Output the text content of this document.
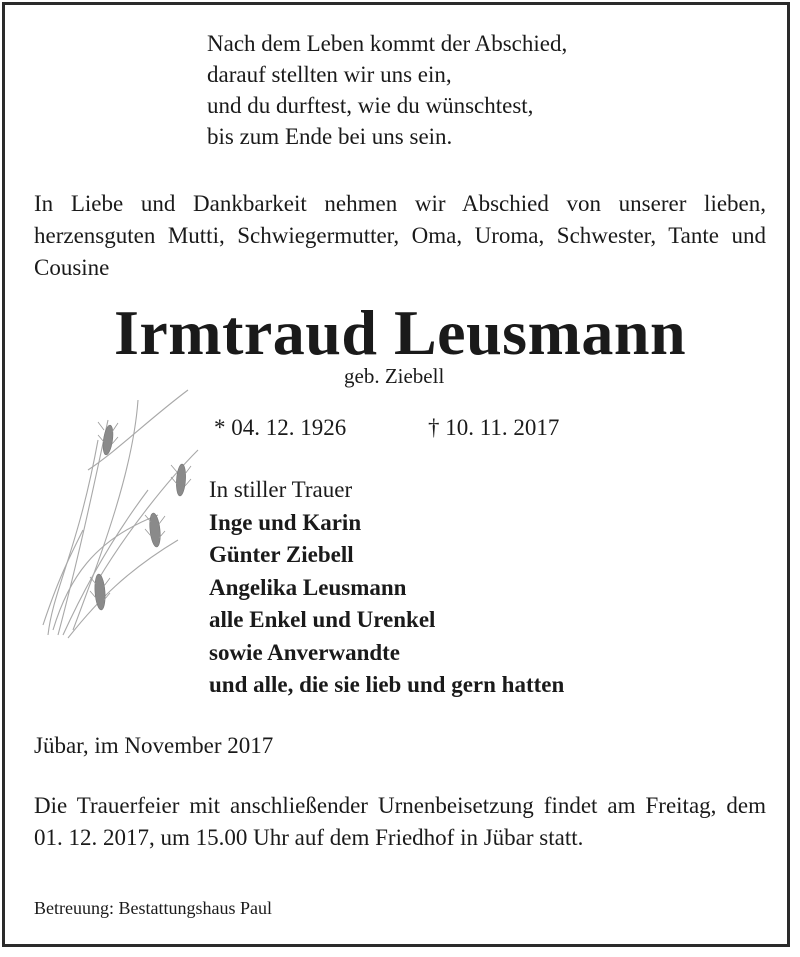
Nach dem Leben kommt der Abschied,
darauf stellten wir uns ein,
und du durftest, wie du wünschtest,
bis zum Ende bei uns sein.
In Liebe und Dankbarkeit nehmen wir Abschied von unserer lieben, herzensguten Mutti, Schwiegermutter, Oma, Uroma, Schwester, Tante und Cousine
Irmtraud Leusmann
geb. Ziebell
* 04. 12. 1926	† 10. 11. 2017
In stiller Trauer
Inge und Karin
Günter Ziebell
Angelika Leusmann
alle Enkel und Urenkel
sowie Anverwandte
und alle, die sie lieb und gern hatten
Jübar, im November 2017
Die Trauerfeier mit anschließender Urnenbeisetzung findet am Freitag, dem 01. 12. 2017, um 15.00 Uhr auf dem Friedhof in Jübar statt.
Betreuung: Bestattungshaus Paul
